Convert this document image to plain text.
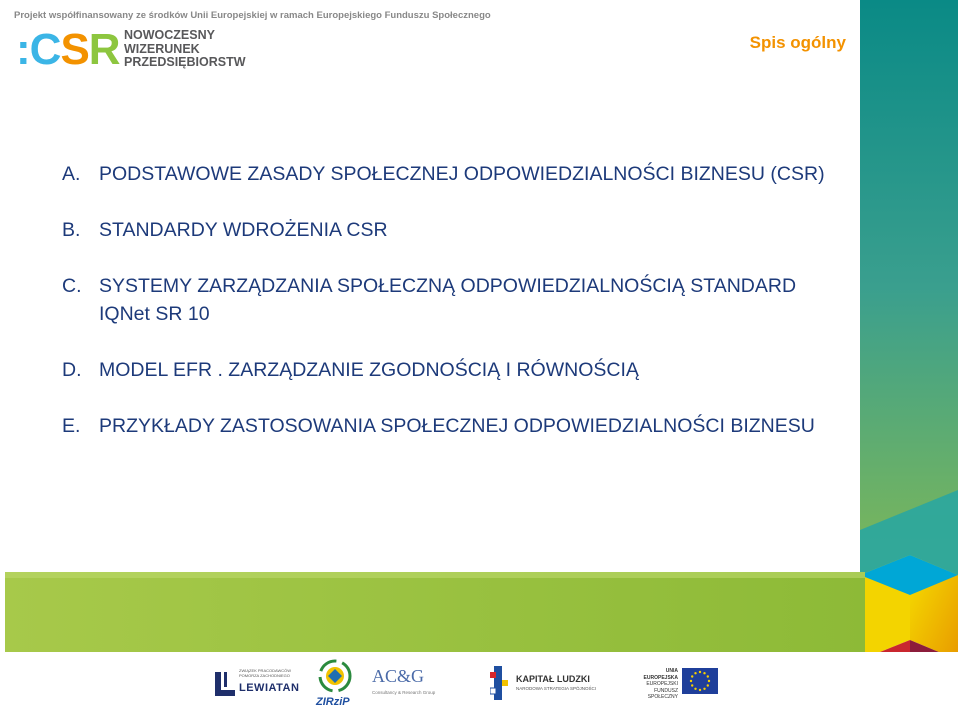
Projekt współfinansowany ze środków Unii Europejskiej w ramach Europejskiego Funduszu Społecznego
:CSR NOWOCZESNY
WIZERUNEK
PRZEDSIĘBIORSTW
Spis ogólny
A. PODSTAWOWE ZASADY SPOŁECZNEJ ODPOWIEDZIALNOŚCI BIZNESU (CSR)
B. STANDARDY WDROŻENIA CSR
C. SYSTEMY ZARZĄDZANIA SPOŁECZNĄ ODPOWIEDZIALNOŚCIĄ STANDARD IQNet SR 10
D. MODEL EFR . ZARZĄDZANIE ZGODNOŚCIĄ I RÓWNOŚCIĄ
E. PRZYKŁADY ZASTOSOWANIA SPOŁECZNEJ ODPOWIEDZIALNOŚCI BIZNESU
ZWIĄZEK PRACODAWCÓW POMORZA ZACHODNIEGO
LEWIATAN
ZIRziP
AC&G
Consultancy & Research Group
KAPITAŁ LUDZKI
NARODOWA STRATEGIA SPÓJNOŚCI
UNIA EUROPEJSKA
EUROPEJSKI
FUNDUSZ SPOŁECZNY
